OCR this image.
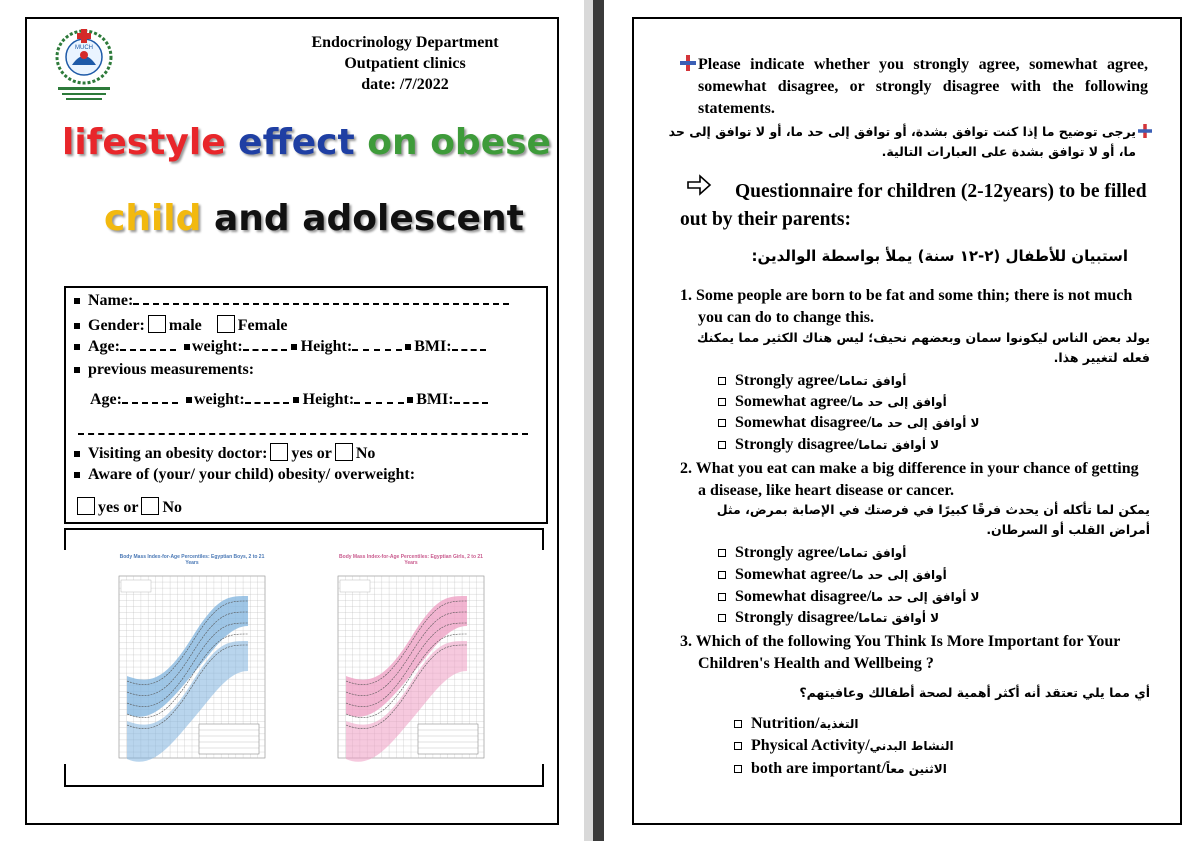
MUCH	Endocrinology Department
Outpatient clinics
date: /7/2022
lifestyle effect on obese
child and adolescent
Name:
Gender: male Female
Age:	weight:	Height:	BMI:
previous measurements:
Age:	weight:	Height:	BMI:
Visiting an obesity doctor: yes or No
Aware of (your/ your child) obesity/ overweight:
yes or No
Body Mass Index-for-Age Percentiles: Egyptian Boys, 2 to 21 Years
Body Mass Index-for-Age Percentiles: Egyptian Girls, 2 to 21 Years
Please indicate whether you strongly agree, somewhat agree, somewhat disagree, or strongly disagree with the following statements.
يرجى توضيح ما إذا كنت توافق بشدة، أو توافق إلى حد ما، أو لا توافق إلى حد ما، أو لا توافق بشدة على العبارات التالية.
Questionnaire for children (2-12years) to be filled out by their parents:
استبيان للأطفال (٢-١٢ سنة) يملأ بواسطة الوالدين:
1. Some people are born to be fat and some thin; there is not much you can do to change this.
يولد بعض الناس ليكونوا سمان وبعضهم نحيف؛ ليس هناك الكثير مما يمكنك فعله لتغيير هذا.
Strongly agree/أوافق تماما
Somewhat agree/أوافق إلى حد ما
Somewhat disagree/لا أوافق إلى حد ما
Strongly disagree/لا أوافق تماما
2. What you eat can make a big difference in your chance of getting a disease, like heart disease or cancer.
يمكن لما تأكله أن يحدث فرقًا كبيرًا في فرصتك في الإصابة بمرض، مثل أمراض القلب أو السرطان.
Strongly agree/أوافق تماما
Somewhat agree/أوافق إلى حد ما
Somewhat disagree/لا أوافق إلى حد ما
Strongly disagree/لا أوافق تماما
3. Which of the following You Think Is More Important for Your Children's Health and Wellbeing ?
أي مما يلي تعتقد أنه أكثر أهمية لصحة أطفالك وعافيتهم؟
Nutrition/التغذية
Physical Activity/النشاط البدني
both are important/الاثنين معاً
